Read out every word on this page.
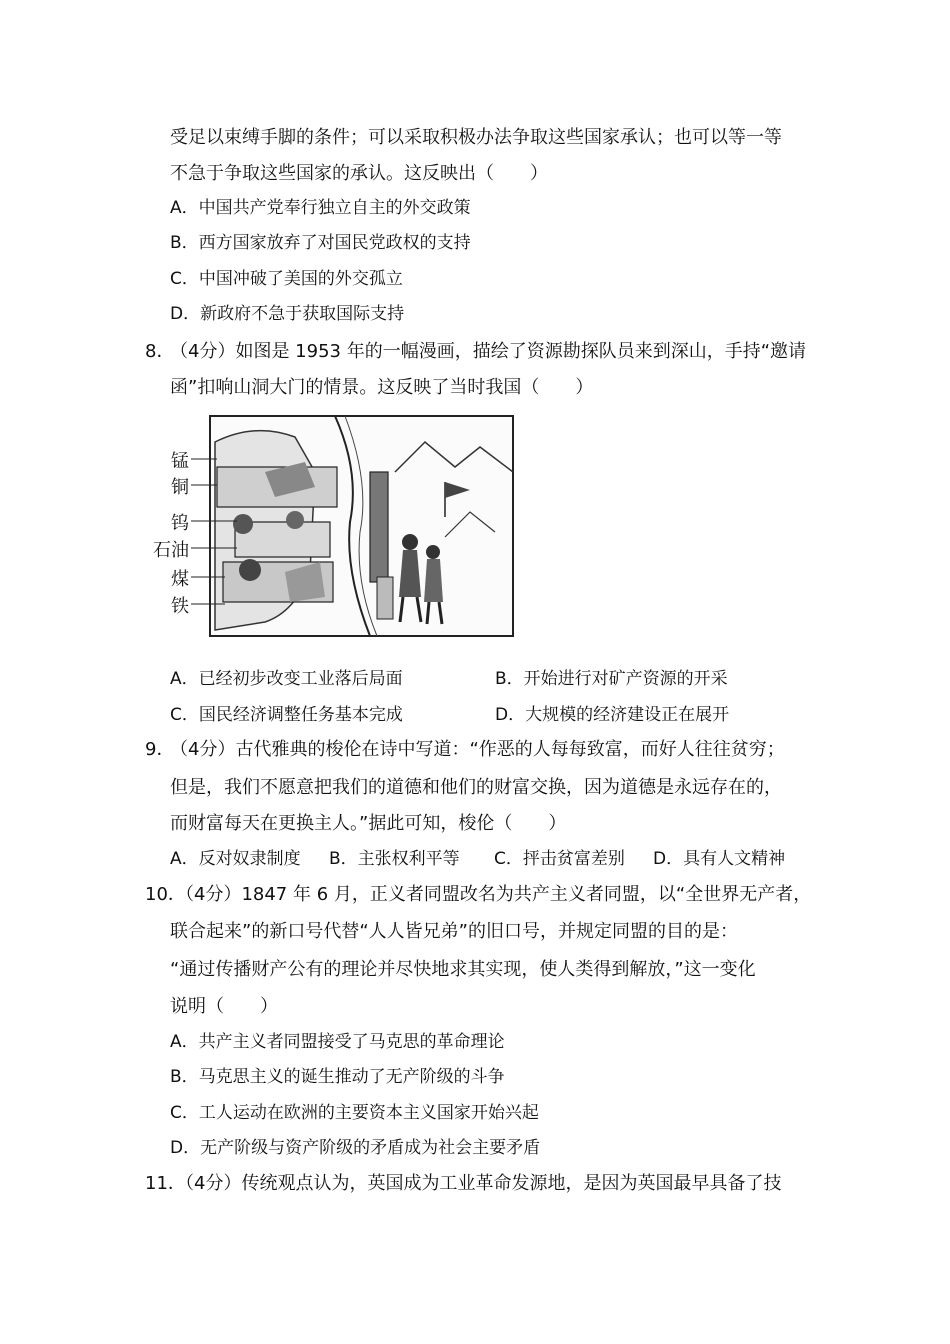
受足以束缚手脚的条件；可以采取积极办法争取这些国家承认；也可以等一等
不急于争取这些国家的承认。这反映出（　　）
A．中国共产党奉行独立自主的外交政策
B．西方国家放弃了对国民党政权的支持
C．中国冲破了美国的外交孤立
D．新政府不急于获取国际支持
8．
（4分）如图是 1953 年的一幅漫画，描绘了资源勘探队员来到深山，手持“邀请
函”扣响山洞大门的情景。这反映了当时我国（　　）
锰
铜
钨
石油
煤
铁
A．已经初步改变工业落后局面	B．开始进行对矿产资源的开采
C．国民经济调整任务基本完成	D．大规模的经济建设正在展开
9．
（4分）古代雅典的梭伦在诗中写道：“作恶的人每每致富，而好人往往贫穷；
但是，我们不愿意把我们的道德和他们的财富交换，因为道德是永远存在的，
而财富每天在更换主人。”据此可知，梭伦（　　）
A．反对奴隶制度 B．主张权利平等 C．抨击贫富差别 D．具有人文精神
10．
（4分）1847 年 6 月，正义者同盟改名为共产主义者同盟，以“全世界无产者，
联合起来”的新口号代替“人人皆兄弟”的旧口号，并规定同盟的目的是：
“通过传播财产公有的理论并尽快地求其实现，使人类得到解放，”这一变化
说明（　　）
A．共产主义者同盟接受了马克思的革命理论
B．马克思主义的诞生推动了无产阶级的斗争
C．工人运动在欧洲的主要资本主义国家开始兴起
D．无产阶级与资产阶级的矛盾成为社会主要矛盾
11．
（4分）传统观点认为，英国成为工业革命发源地，是因为英国最早具备了技
